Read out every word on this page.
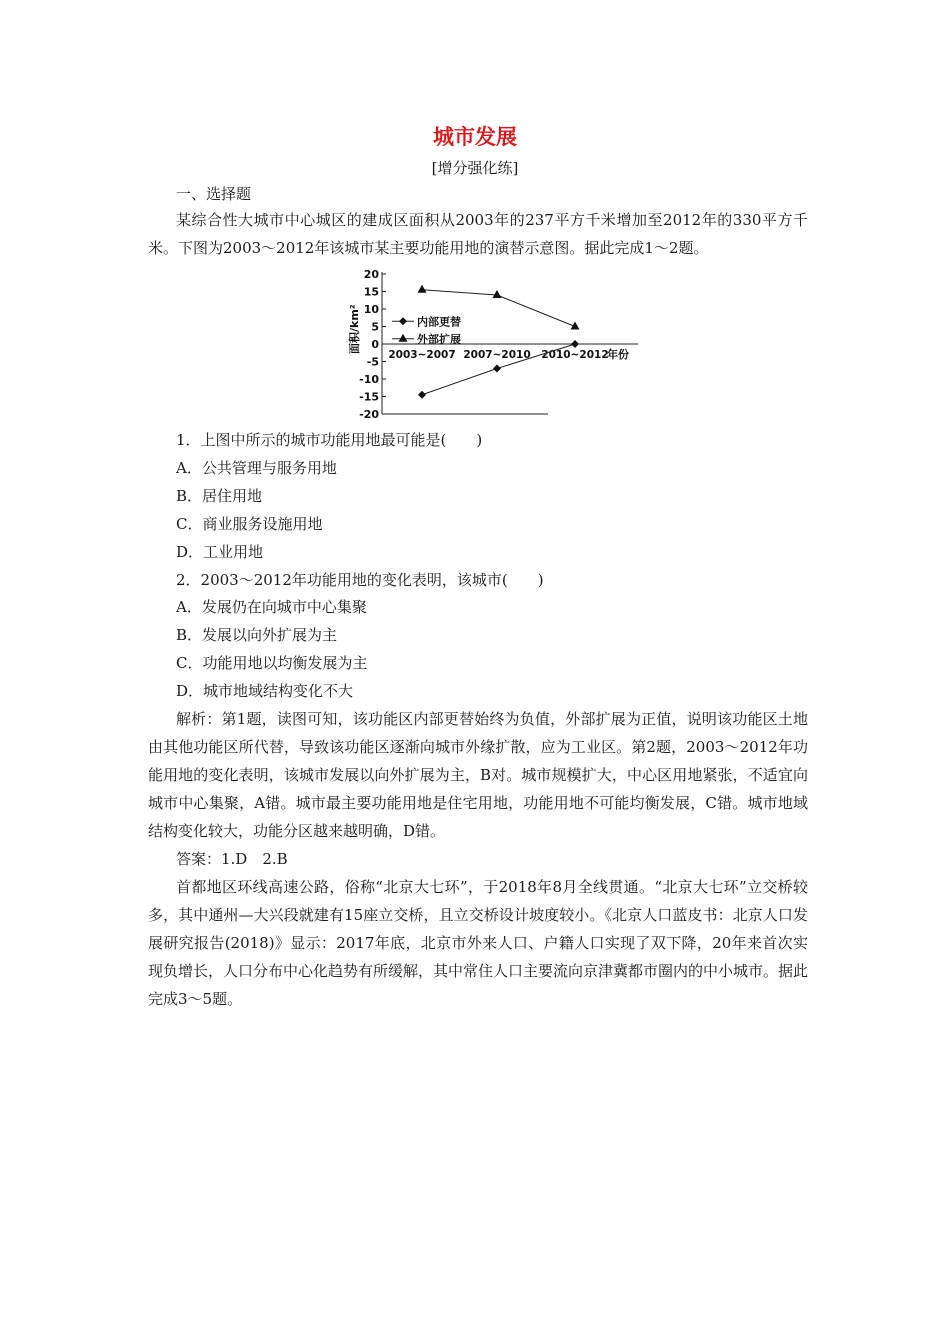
城市发展
[增分强化练]
一、选择题
某综合性大城市中心城区的建成区面积从2003年的237平方千米增加至2012年的330平方千米。下图为2003～2012年该城市某主要功能用地的演替示意图。据此完成1～2题。
20
15
10
5
0
-5
-10
-15
-20
面积/km²
2003~2007 2007~2010 2010~2012
年份
内部更替
外部扩展
1．上图中所示的城市功能用地最可能是(　　)
A．公共管理与服务用地
B．居住用地
C．商业服务设施用地
D．工业用地
2．2003～2012年功能用地的变化表明，该城市(　　)
A．发展仍在向城市中心集聚
B．发展以向外扩展为主
C．功能用地以均衡发展为主
D．城市地域结构变化不大
解析：第1题，读图可知，该功能区内部更替始终为负值，外部扩展为正值，说明该功能区土地由其他功能区所代替，导致该功能区逐渐向城市外缘扩散，应为工业区。第2题，2003～2012年功能用地的变化表明，该城市发展以向外扩展为主，B对。城市规模扩大，中心区用地紧张，不适宜向城市中心集聚，A错。城市最主要功能用地是住宅用地，功能用地不可能均衡发展，C错。城市地域结构变化较大，功能分区越来越明确，D错。
答案：1.D　2.B
首都地区环线高速公路，俗称“北京大七环”，于2018年8月全线贯通。“北京大七环”立交桥较多，其中通州—大兴段就建有15座立交桥，且立交桥设计坡度较小。《北京人口蓝皮书：北京人口发展研究报告(2018)》显示：2017年底，北京市外来人口、户籍人口实现了双下降，20年来首次实现负增长，人口分布中心化趋势有所缓解，其中常住人口主要流向京津冀都市圈内的中小城市。据此完成3～5题。
